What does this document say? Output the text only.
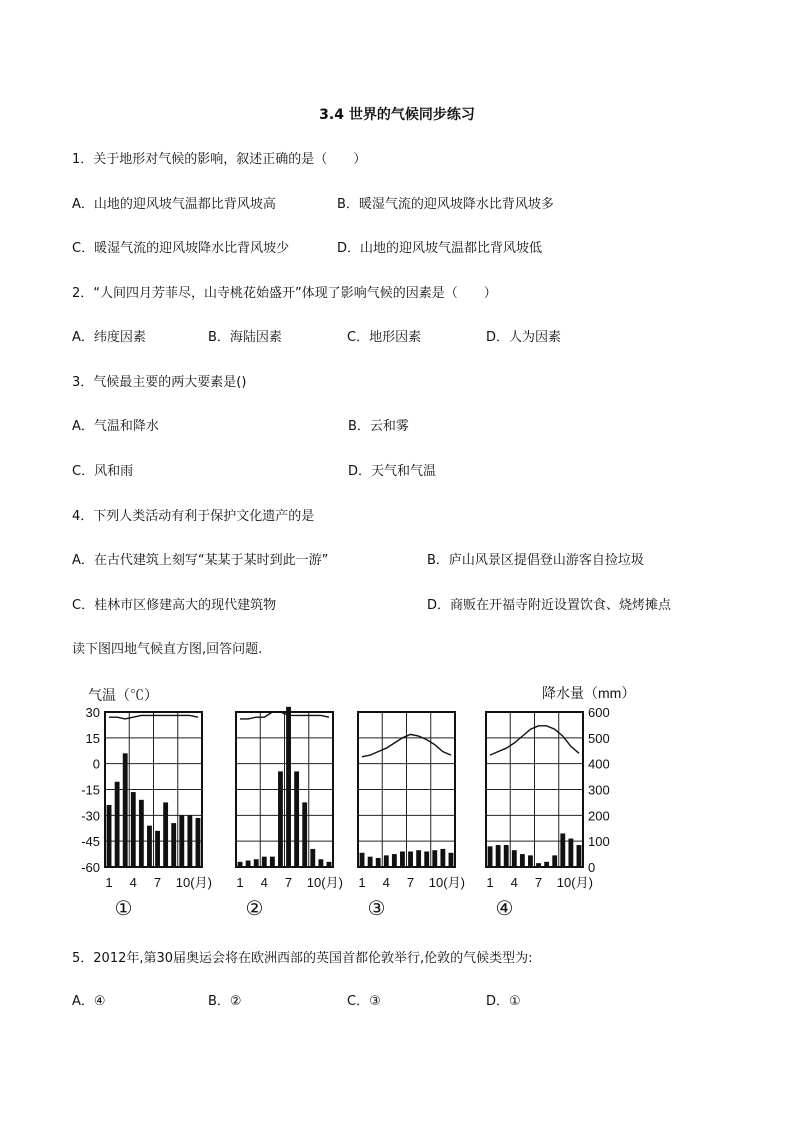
3.4 世界的气候同步练习
1．关于地形对气候的影响，叙述正确的是（　　）
A．山地的迎风坡气温都比背风坡高	B．暖湿气流的迎风坡降水比背风坡多
C．暖湿气流的迎风坡降水比背风坡少	D．山地的迎风坡气温都比背风坡低
2．“人间四月芳菲尽，山寺桃花始盛开”体现了影响气候的因素是（　　）
A．纬度因素	B．海陆因素	C．地形因素	D．人为因素
3．气候最主要的两大要素是()
A．气温和降水	B．云和雾
C．风和雨	D．天气和气温
4．下列人类活动有利于保护文化遗产的是
A．在古代建筑上刻写“某某于某时到此一游”	B．庐山风景区提倡登山游客自捡垃圾
C．桂林市区修建高大的现代建筑物	D．商贩在开福寺附近设置饮食、烧烤摊点
读下图四地气候直方图,回答问题.
气温（℃）	降水量（mm）
30
15
0
-15
-30
-45
-60
600
500
400
300
200
100
0
1 4 7 10(月)
①
1 4 7 10(月)
②
1 4 7 10(月)
③
1 4 7 10(月)
④
5．2012年,第30届奥运会将在欧洲西部的英国首都伦敦举行,伦敦的气候类型为:
A．④	B．②	C．③	D．①
